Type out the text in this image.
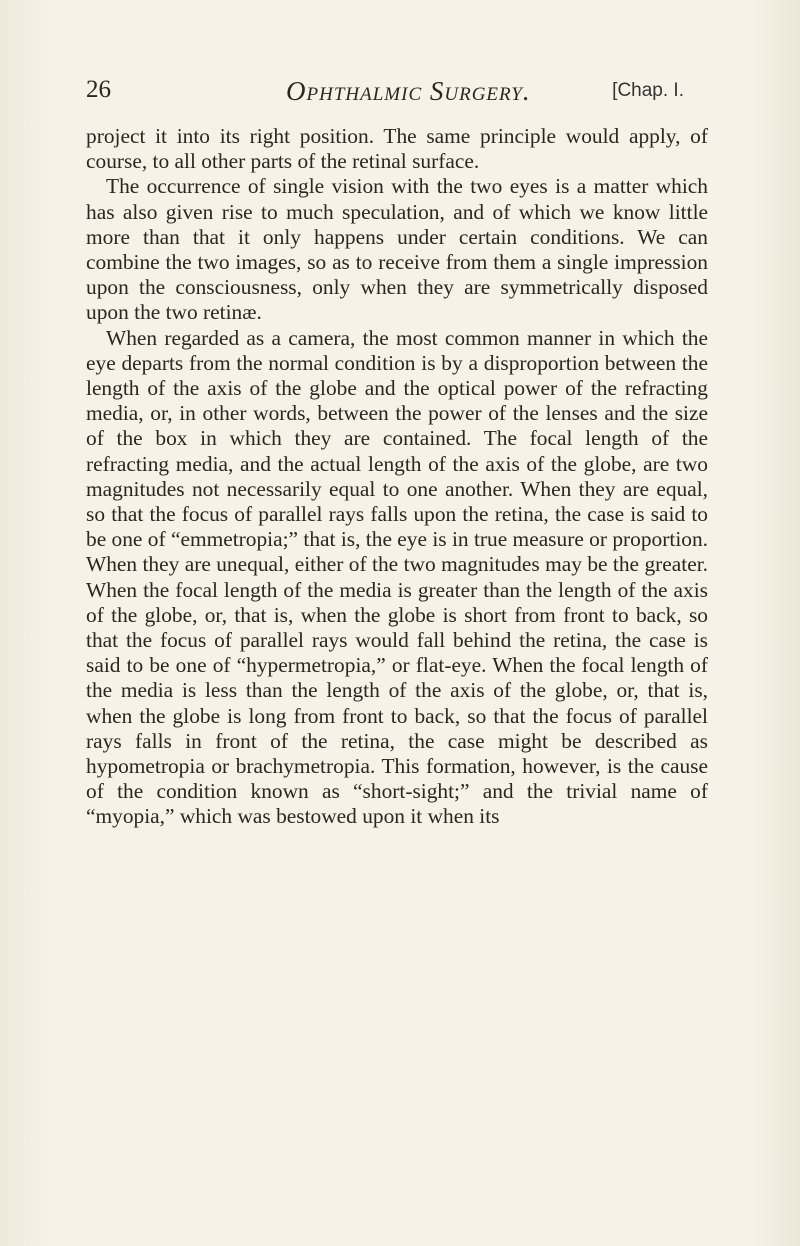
26	Ophthalmic Surgery.	[Chap. I.

project it into its right position. The same principle would apply, of course, to all other parts of the retinal surface.

The occurrence of single vision with the two eyes is a matter which has also given rise to much speculation, and of which we know little more than that it only happens under certain conditions. We can combine the two images, so as to receive from them a single impression upon the consciousness, only when they are symmetrically disposed upon the two retinæ.

When regarded as a camera, the most common manner in which the eye departs from the normal condition is by a disproportion between the length of the axis of the globe and the optical power of the refracting media, or, in other words, between the power of the lenses and the size of the box in which they are contained. The focal length of the refracting media, and the actual length of the axis of the globe, are two magnitudes not necessarily equal to one another. When they are equal, so that the focus of parallel rays falls upon the retina, the case is said to be one of “emmetropia;” that is, the eye is in true measure or proportion. When they are unequal, either of the two magnitudes may be the greater. When the focal length of the media is greater than the length of the axis of the globe, or, that is, when the globe is short from front to back, so that the focus of parallel rays would fall behind the retina, the case is said to be one of “hypermetropia,” or flat-eye. When the focal length of the media is less than the length of the axis of the globe, or, that is, when the globe is long from front to back, so that the focus of parallel rays falls in front of the retina, the case might be described as hypometropia or brachymetropia. This formation, however, is the cause of the condition known as “short-sight;” and the trivial name of “myopia,” which was bestowed upon it when its
